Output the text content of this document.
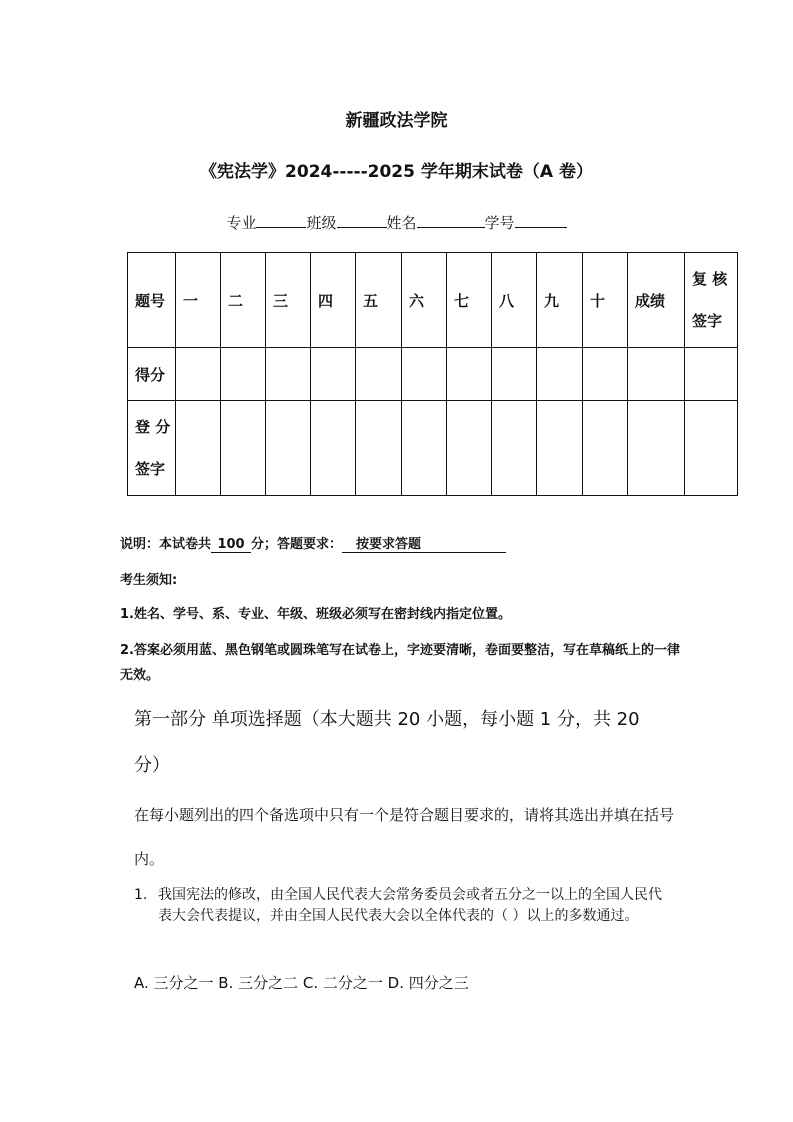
新疆政法学院
《宪法学》2024-----2025 学年期末试卷（A 卷）
专业	班级	姓名	学号
题号	一	二	三	四	五	六	七	八	九	十	成绩	复 核
签字

得分												

登 分
签字												

说明：本试卷共 100 分；答题要求： 按要求答题
考生须知:
1.姓名、学号、系、专业、年级、班级必须写在密封线内指定位置。
2.答案必须用蓝、黑色钢笔或圆珠笔写在试卷上，字迹要清晰，卷面要整洁，写在草稿纸上的一律无效。
第一部分 单项选择题（本大题共 20 小题，每小题 1 分，共 20 分）
在每小题列出的四个备选项中只有一个是符合题目要求的，请将其选出并填在括号内。
1. 我国宪法的修改，由全国人民代表大会常务委员会或者五分之一以上的全国人民代表大会代表提议，并由全国人民代表大会以全体代表的（ ）以上的多数通过。
A. 三分之一 B. 三分之二 C. 二分之一 D. 四分之三
